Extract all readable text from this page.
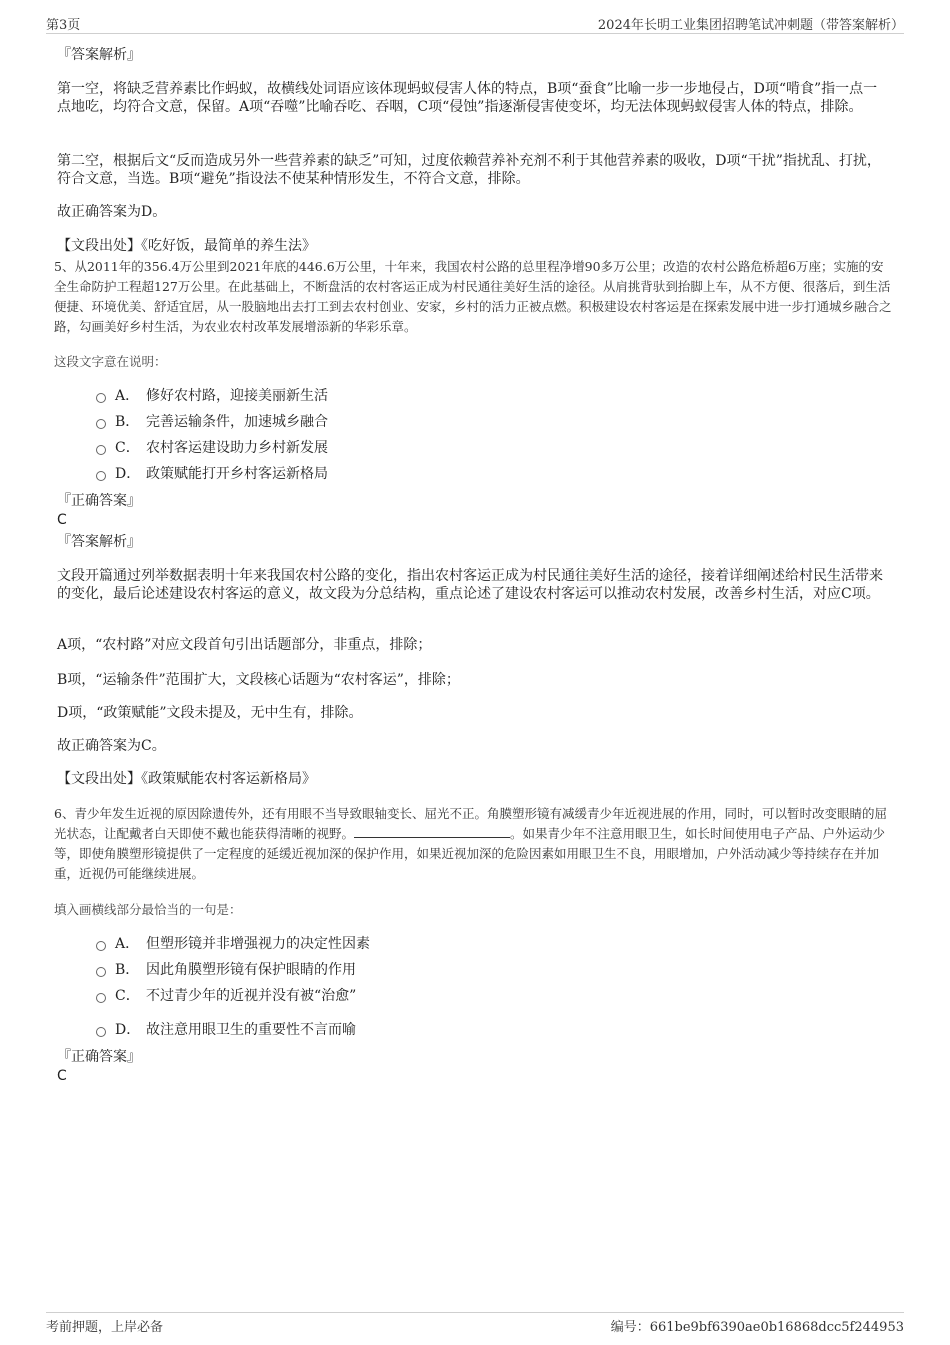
第3页	2024年长明工业集团招聘笔试冲刺题（带答案解析）
『答案解析』

第一空，将缺乏营养素比作蚂蚁，故横线处词语应该体现蚂蚁侵害人体的特点，B项“蚕食”比喻一步一步地侵占，D项“啃食”指一点一点地吃，均符合文意，保留。A项“吞噬”比喻吞吃、吞咽，C项“侵蚀”指逐渐侵害使变坏，均无法体现蚂蚁侵害人体的特点，排除。

第二空，根据后文“反而造成另外一些营养素的缺乏”可知，过度依赖营养补充剂不利于其他营养素的吸收，D项“干扰”指扰乱、打扰，符合文意，当选。B项“避免”指设法不使某种情形发生，不符合文意，排除。

故正确答案为D。
【文段出处】《吃好饭，最简单的养生法》

5、从2011年的356.4万公里到2021年底的446.6万公里，十年来，我国农村公路的总里程净增90多万公里；改造的农村公路危桥超6万座；实施的安全生命防护工程超127万公里。在此基础上，不断盘活的农村客运正成为村民通往美好生活的途径。从肩挑背驮到抬脚上车，从不方便、很落后，到生活便捷、环境优美、舒适宜居，从一股脑地出去打工到去农村创业、安家，乡村的活力正被点燃。积极建设农村客运是在探索发展中进一步打通城乡融合之路，勾画美好乡村生活，为农业农村改革发展增添新的华彩乐章。

这段文字意在说明：
A． 修好农村路，迎接美丽新生活
B． 完善运输条件，加速城乡融合
C． 农村客运建设助力乡村新发展
D． 政策赋能打开乡村客运新格局
『正确答案』
C
『答案解析』

文段开篇通过列举数据表明十年来我国农村公路的变化，指出农村客运正成为村民通往美好生活的途径，接着详细阐述给村民生活带来的变化，最后论述建设农村客运的意义，故文段为分总结构，重点论述了建设农村客运可以推动农村发展，改善乡村生活，对应C项。

A项，“农村路”对应文段首句引出话题部分，非重点，排除；
B项，“运输条件”范围扩大，文段核心话题为“农村客运”，排除；
D项，“政策赋能”文段未提及，无中生有，排除。
故正确答案为C。
【文段出处】《政策赋能农村客运新格局》

6、青少年发生近视的原因除遗传外，还有用眼不当导致眼轴变长、屈光不正。角膜塑形镜有减缓青少年近视进展的作用，同时，可以暂时改变眼睛的屈光状态，让配戴者白天即使不戴也能获得清晰的视野。	。如果青少年不注意用眼卫生，如长时间使用电子产品、户外运动少等，即使角膜塑形镜提供了一定程度的延缓近视加深的保护作用，如果近视加深的危险因素如用眼卫生不良，用眼增加，户外活动减少等持续存在并加重，近视仍可能继续进展。

填入画横线部分最恰当的一句是：
A． 但塑形镜并非增强视力的决定性因素
B． 因此角膜塑形镜有保护眼睛的作用
C． 不过青少年的近视并没有被“治愈”
D． 故注意用眼卫生的重要性不言而喻
『正确答案』
C
考前押题，上岸必备	编号：661be9bf6390ae0b16868dcc5f244953
